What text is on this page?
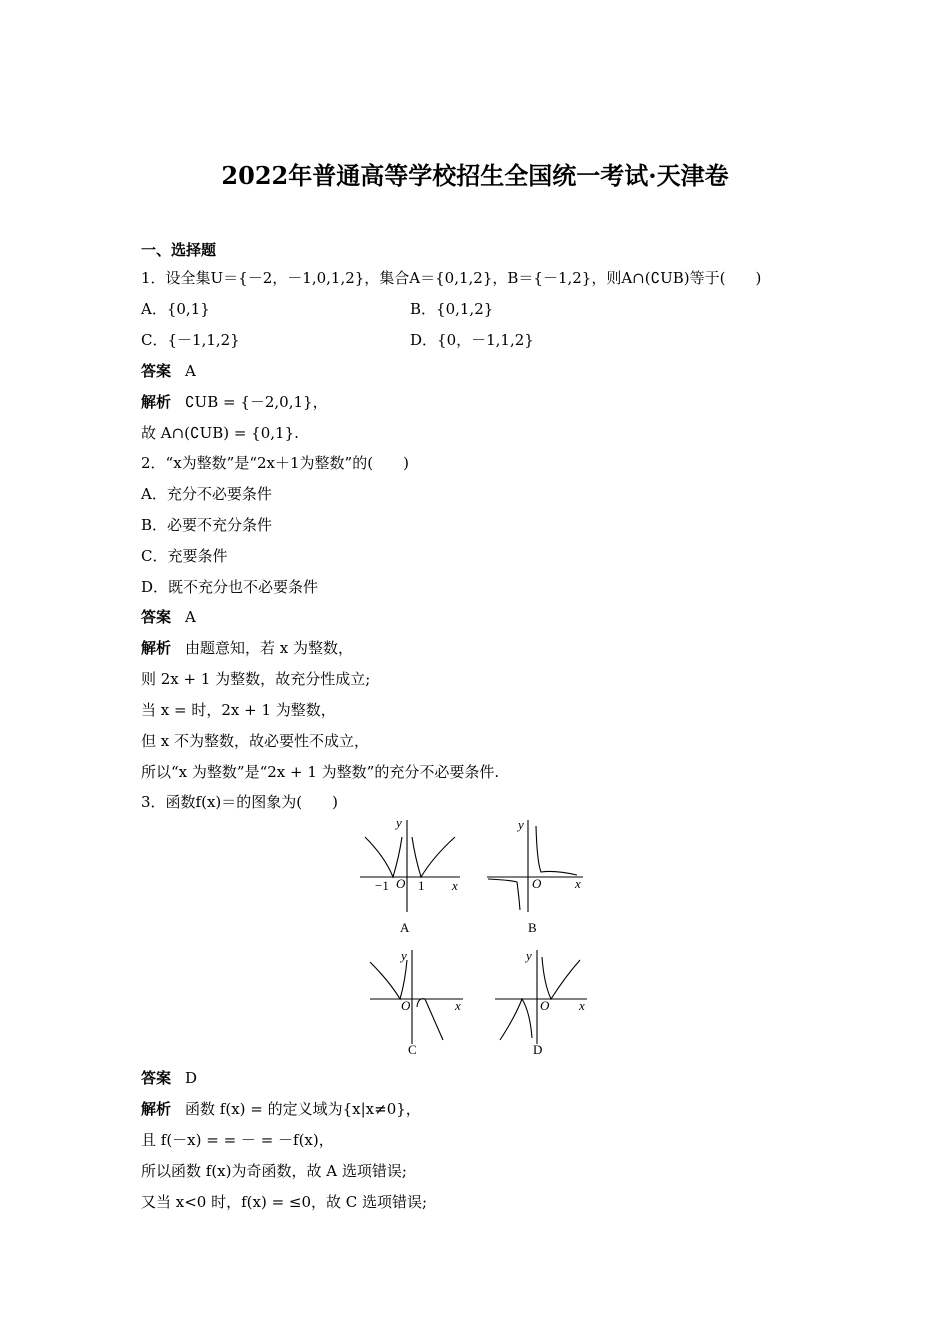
2022年普通高等学校招生全国统一考试·天津卷
一、选择题
1．设全集U＝{－2，－1,0,1,2}，集合A＝{0,1,2}，B＝{－1,2}，则A∩(∁UB)等于(　　)
A．{0,1}	B．{0,1,2}
C．{－1,1,2}	D．{0，－1,1,2}
答案 A
解析 ∁UB = {－2,0,1}，
故 A∩(∁UB) = {0,1}.
2．“x为整数”是“2x＋1为整数”的(　　)
A．充分不必要条件
B．必要不充分条件
C．充要条件
D．既不充分也不必要条件
答案 A
解析 由题意知，若 x 为整数，
则 2x + 1 为整数，故充分性成立;
当 x = 时，2x + 1 为整数，
但 x 不为整数，故必要性不成立，
所以“x 为整数”是“2x + 1 为整数”的充分不必要条件.
3．函数f(x)＝的图象为(　　)
y
x
O
−1 1
A
y
x
O
B
y
x
O
C
y
x
O
D
答案 D
解析 函数 f(x) = 的定义域为{x|x≠0}，
且 f(－x) = = － = －f(x)，
所以函数 f(x)为奇函数，故 A 选项错误;
又当 x<0 时，f(x) = ≤0，故 C 选项错误;
